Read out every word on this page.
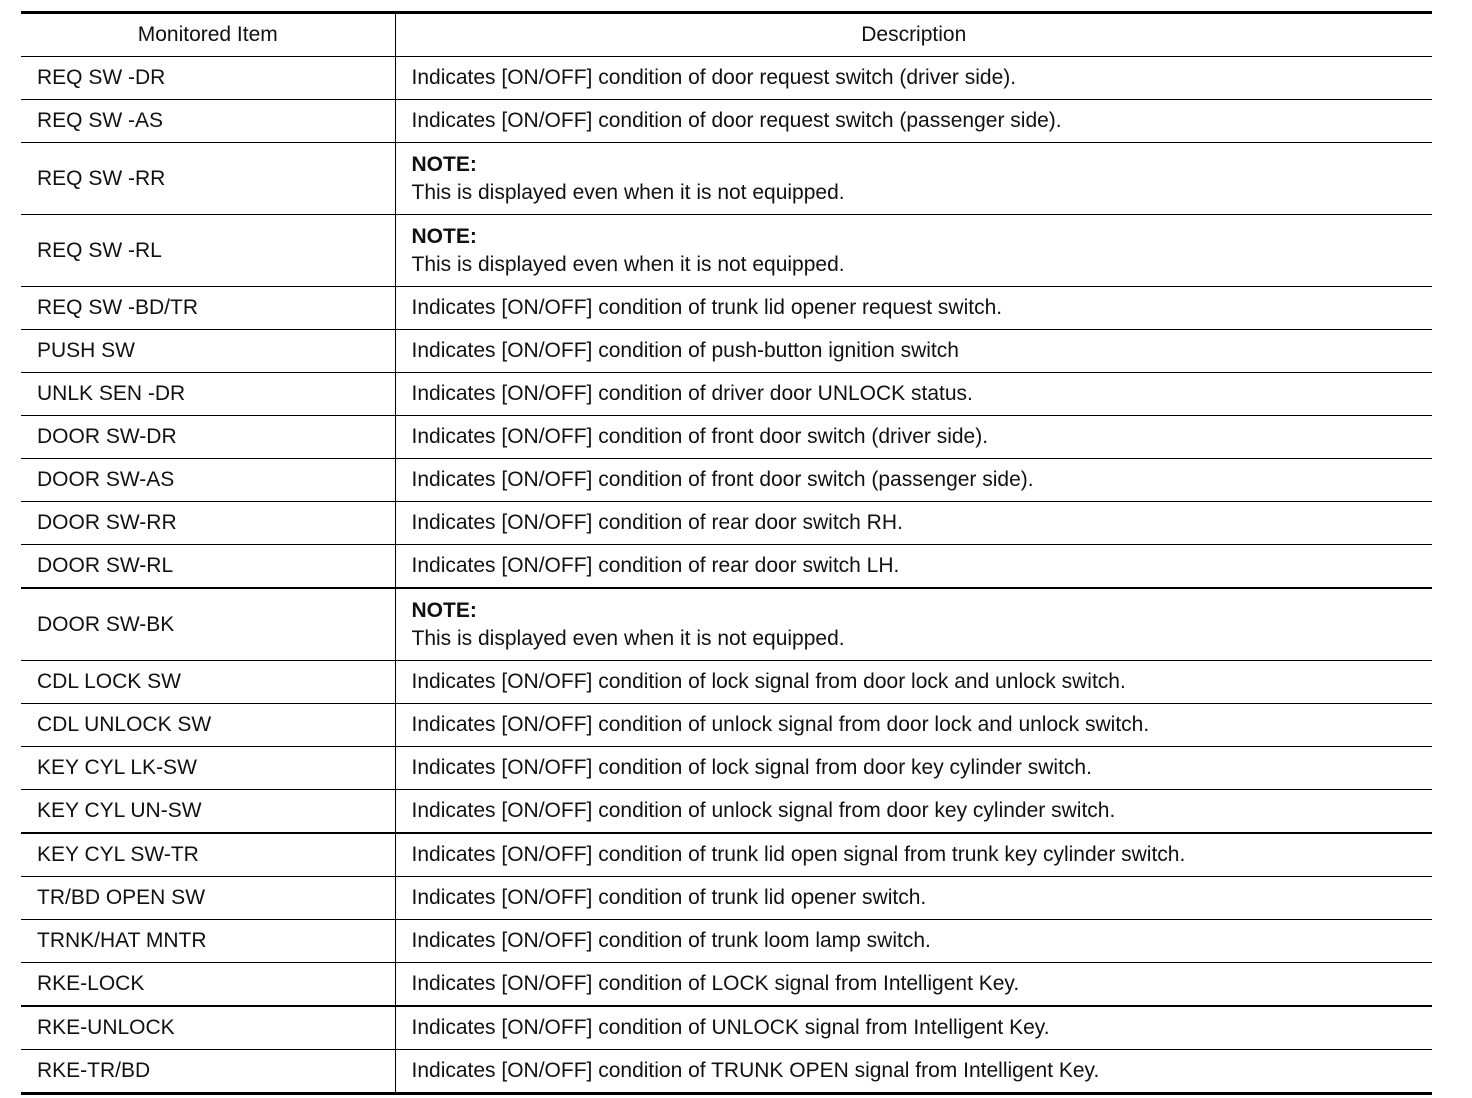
Monitored Item	Description
REQ SW -DR	Indicates [ON/OFF] condition of door request switch (driver side).
REQ SW -AS	Indicates [ON/OFF] condition of door request switch (passenger side).
REQ SW -RR	NOTE:
This is displayed even when it is not equipped.

REQ SW -RL	NOTE:
This is displayed even when it is not equipped.

REQ SW -BD/TR	Indicates [ON/OFF] condition of trunk lid opener request switch.
PUSH SW	Indicates [ON/OFF] condition of push-button ignition switch
UNLK SEN -DR	Indicates [ON/OFF] condition of driver door UNLOCK status.
DOOR SW-DR	Indicates [ON/OFF] condition of front door switch (driver side).
DOOR SW-AS	Indicates [ON/OFF] condition of front door switch (passenger side).
DOOR SW-RR	Indicates [ON/OFF] condition of rear door switch RH.
DOOR SW-RL	Indicates [ON/OFF] condition of rear door switch LH.
DOOR SW-BK	NOTE:
This is displayed even when it is not equipped.

CDL LOCK SW	Indicates [ON/OFF] condition of lock signal from door lock and unlock switch.
CDL UNLOCK SW	Indicates [ON/OFF] condition of unlock signal from door lock and unlock switch.
KEY CYL LK-SW	Indicates [ON/OFF] condition of lock signal from door key cylinder switch.
KEY CYL UN-SW	Indicates [ON/OFF] condition of unlock signal from door key cylinder switch.
KEY CYL SW-TR	Indicates [ON/OFF] condition of trunk lid open signal from trunk key cylinder switch.
TR/BD OPEN SW	Indicates [ON/OFF] condition of trunk lid opener switch.
TRNK/HAT MNTR	Indicates [ON/OFF] condition of trunk loom lamp switch.
RKE-LOCK	Indicates [ON/OFF] condition of LOCK signal from Intelligent Key.
RKE-UNLOCK	Indicates [ON/OFF] condition of UNLOCK signal from Intelligent Key.
RKE-TR/BD	Indicates [ON/OFF] condition of TRUNK OPEN signal from Intelligent Key.
